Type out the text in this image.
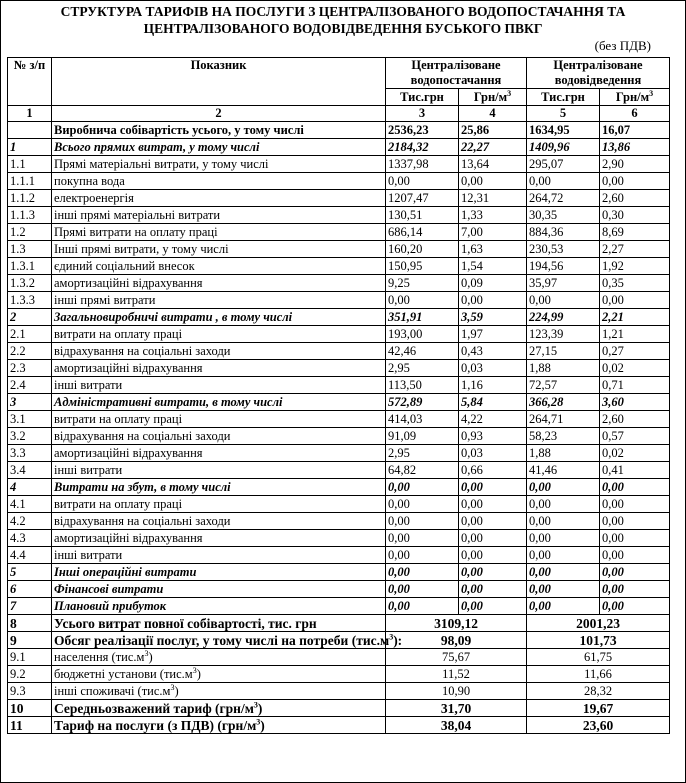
СТРУКТУРА ТАРИФІВ НА ПОСЛУГИ З ЦЕНТРАЛІЗОВАНОГО ВОДОПОСТАЧАННЯ ТА
ЦЕНТРАЛІЗОВАНОГО ВОДОВІДВЕДЕННЯ БУСЬКОГО ПВКГ
(без ПДВ)
№ з/п	Показник	Централізоване водопостачання		Централізоване водовідведення	
		Тис.грн	Грн/$м^3$	Тис.грн	Грн/$м^3$
1	2	3	4	5	6
	Виробнича собівартість усього, у тому числі	2536,23	25,86	1634,95	16,07
1	Всього прямих витрат, у тому числі	2184,32	22,27	1409,96	13,86
1.1	Прямі матеріальні витрати, у тому числі	1337,98	13,64	295,07	2,90
1.1.1	покупна вода	0,00	0,00	0,00	0,00
1.1.2	електроенергія	1207,47	12,31	264,72	2,60
1.1.3	інші прямі матеріальні витрати	130,51	1,33	30,35	0,30
1.2	Прямі витрати на оплату праці	686,14	7,00	884,36	8,69
1.3	Інші прямі витрати, у тому числі	160,20	1,63	230,53	2,27
1.3.1	єдиний соціальний внесок	150,95	1,54	194,56	1,92
1.3.2	амортизаційні відрахування	9,25	0,09	35,97	0,35
1.3.3	інші прямі витрати	0,00	0,00	0,00	0,00
2	Загальновиробничі витрати , в тому числі	351,91	3,59	224,99	2,21
2.1	витрати на оплату праці	193,00	1,97	123,39	1,21
2.2	відрахування на соціальні заходи	42,46	0,43	27,15	0,27
2.3	амортизаційні відрахування	2,95	0,03	1,88	0,02
2.4	інші витрати	113,50	1,16	72,57	0,71
3	Адміністративні витрати, в тому числі	572,89	5,84	366,28	3,60
3.1	витрати на оплату праці	414,03	4,22	264,71	2,60
3.2	відрахування на соціальні заходи	91,09	0,93	58,23	0,57
3.3	амортизаційні відрахування	2,95	0,03	1,88	0,02
3.4	інші витрати	64,82	0,66	41,46	0,41
4	Витрати на збут, в тому числі	0,00	0,00	0,00	0,00
4.1	витрати на оплату праці	0,00	0,00	0,00	0,00
4.2	відрахування на соціальні заходи	0,00	0,00	0,00	0,00
4.3	амортизаційні відрахування	0,00	0,00	0,00	0,00
4.4	інші витрати	0,00	0,00	0,00	0,00
5	Інші операційні витрати	0,00	0,00	0,00	0,00
6	Фінансові витрати	0,00	0,00	0,00	0,00
7	Плановий прибуток	0,00	0,00	0,00	0,00
8	Усього витрат повної собівартості, тис. грн	3109,12		2001,23	
9	Обсяг реалізації послуг, у тому числі на потреби $(тис.м^3)$:	98,09		101,73	
9.1	населення $(тис.м^3)$	75,67		61,75	
9.2	бюджетні установи $(тис.м^3)$	11,52		11,66	
9.3	інші споживачі $(тис.м^3)$	10,90		28,32	
10	Середньозважений тариф $(грн/м^3)$	31,70		19,67	
11	Тариф на послуги (з ПДВ) $(грн/м^3)$	38,04		23,60	
